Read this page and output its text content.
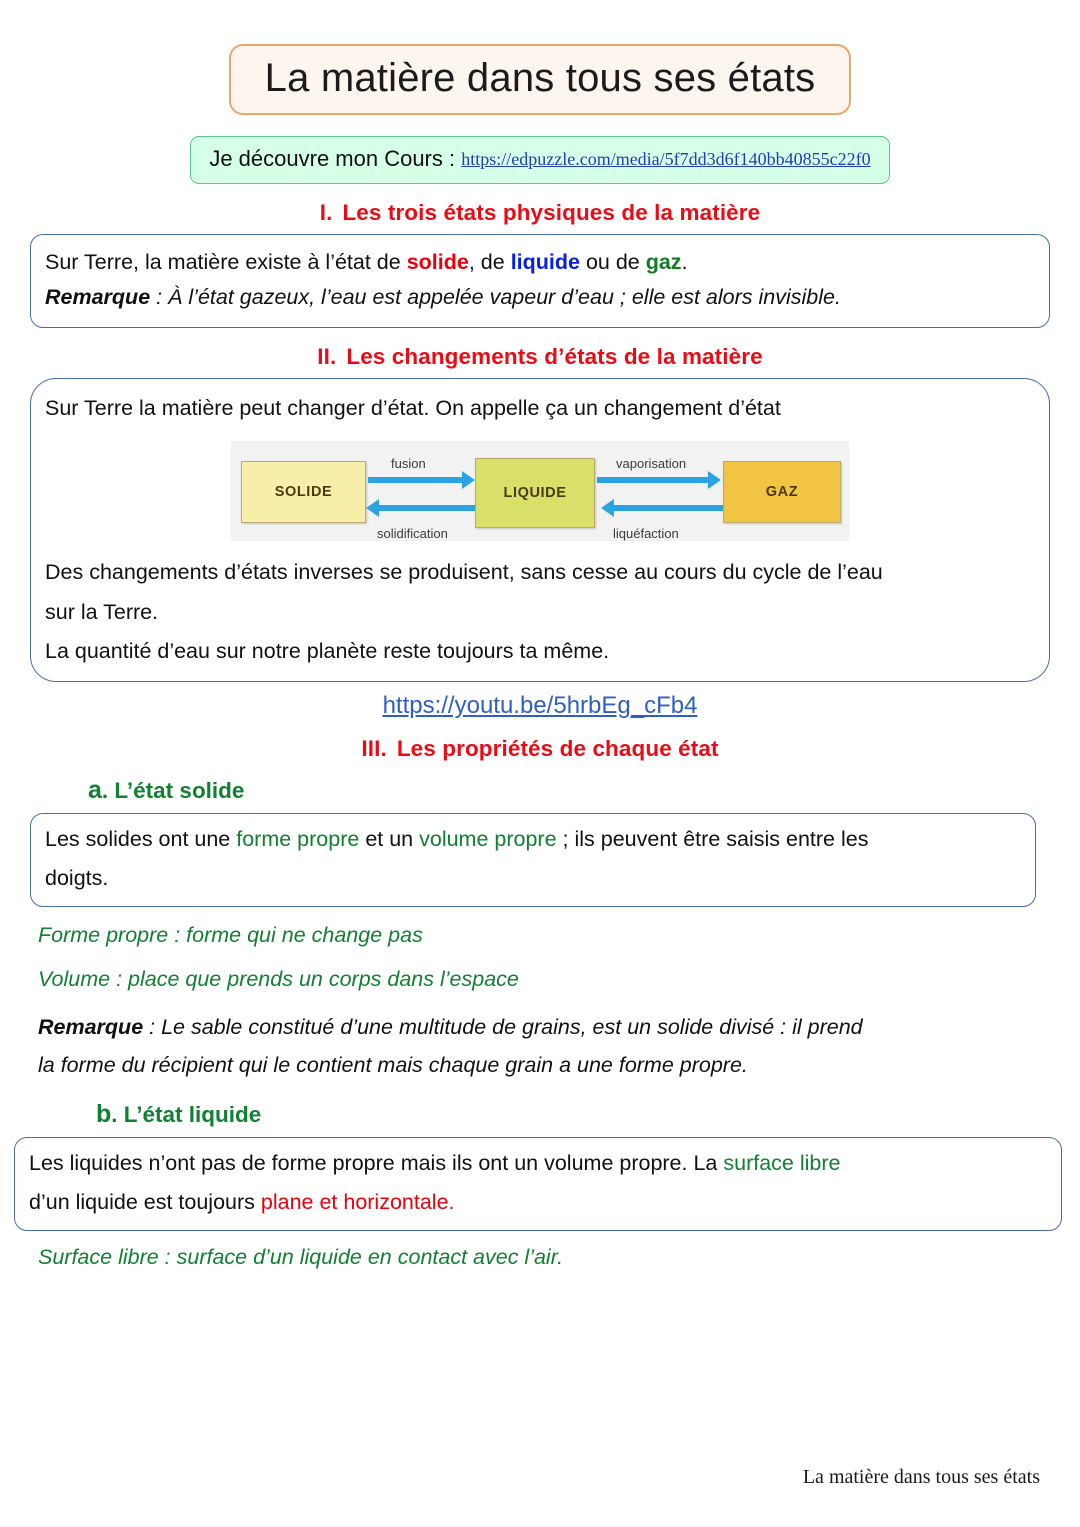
La matière dans tous ses états
Je découvre mon Cours : https://edpuzzle.com/media/5f7dd3d6f140bb40855c22f0
I. Les trois états physiques de la matière

Sur Terre, la matière existe à l’état de solide, de liquide ou de gaz.

Remarque : À l’état gazeux, l’eau est appelée vapeur d’eau ; elle est alors invisible.

II. Les changements d’états de la matière

Sur Terre la matière peut changer d’état. On appelle ça un changement d’état

SOLIDE	LIQUIDE	GAZ
fusion
solidification
vaporisation
liquéfaction

Des changements d’états inverses se produisent, sans cesse au cours du cycle de l’eau

sur la Terre.

La quantité d’eau sur notre planète reste toujours ta même.

https://youtu.be/5hrbEg_cFb4
III. Les propriétés de chaque état
a. L’état solide

Les solides ont une forme propre et un volume propre ; ils peuvent être saisis entre les

doigts.

Forme propre : forme qui ne change pas
Volume : place que prends un corps dans l’espace
Remarque : Le sable constitué d’une multitude de grains, est un solide divisé : il prend
la forme du récipient qui le contient mais chaque grain a une forme propre.
b. L’état liquide

Les liquides n’ont pas de forme propre mais ils ont un volume propre. La surface libre

d’un liquide est toujours plane et horizontale.

Surface libre : surface d’un liquide en contact avec l’air.
La matière dans tous ses états
